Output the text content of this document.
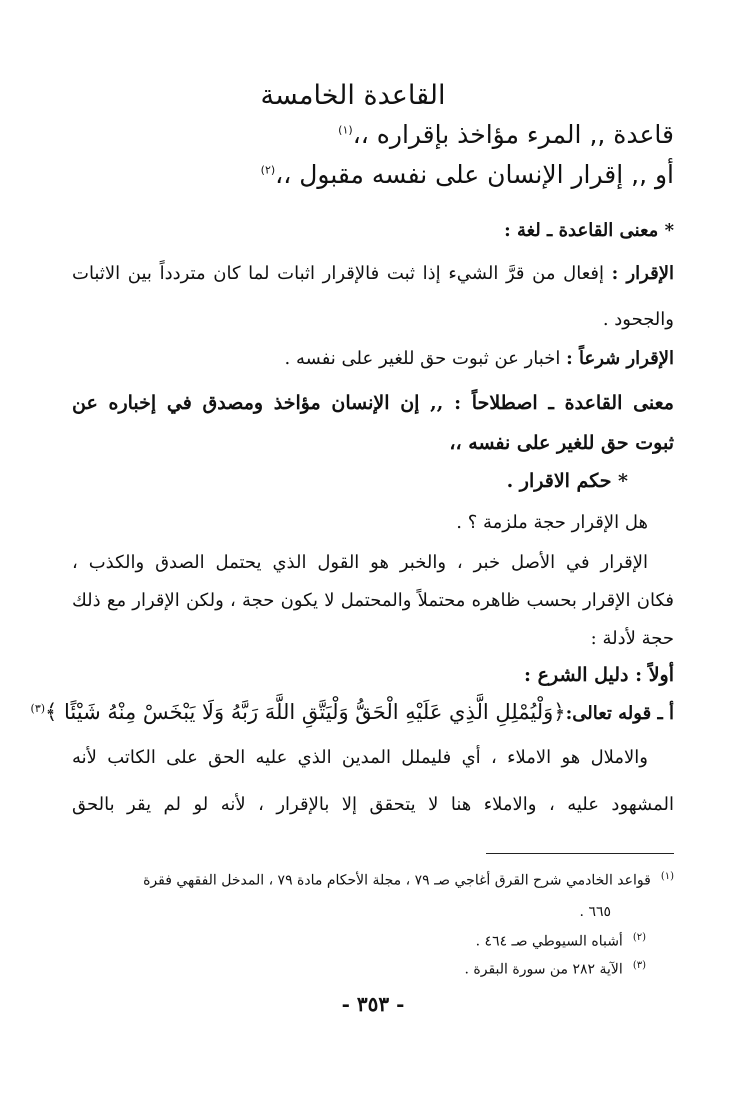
القاعدة الخامسة
قاعدة ,, المرء مؤاخذ بإقراره ،،$^{(١)}$
أو ,, إقرار الإنسان على نفسه مقبول ،،$^{(٢)}$
* معنى القاعدة ـ لغة :
الإقرار : إفعال من قرَّ الشيء إذا ثبت فالإقرار اثبات لما كان متردداً بين الاثبات
والجحود .
الإقرار شرعاً : اخبار عن ثبوت حق للغير على نفسه .
معنى القاعدة ـ اصطلاحاً : ,, إن الإنسان مؤاخذ ومصدق في إخباره عن
ثبوت حق للغير على نفسه ،،
* حكم الاقرار .
هل الإقرار حجة ملزمة ؟ .
الإقرار في الأصل خبر ، والخبر هو القول الذي يحتمل الصدق والكذب ،
فكان الإقرار بحسب ظاهره محتملاً والمحتمل لا يكون حجة ، ولكن الإقرار مع ذلك
حجة لأدلة :
أولاً : دليل الشرع :
أ ـ قوله تعالى:﴿وَلْيُمْلِلِ الَّذِي عَلَيْهِ الْحَقُّ وَلْيَتَّقِ اللَّهَ رَبَّهُ وَلَا يَبْخَسْ مِنْهُ شَيْئًا ﴾$^{(٣)}$
والاملال هو الاملاء ، أي فليملل المدين الذي عليه الحق على الكاتب لأنه
المشهود عليه ، والاملاء هنا لا يتحقق إلا بالإقرار ، لأنه لو لم يقر بالحق
$^{(١)}$قواعد الخادمي شرح القرق أغاجي صـ ٧٩ ، مجلة الأحكام مادة ٧٩ ، المدخل الفقهي فقرة
٦٦٥ .
$^{(٢)}$أشباه السيوطي صـ ٤٦٤ .
$^{(٣)}$الآية ٢٨٢ من سورة البقرة .
- ٣٥٣ -
